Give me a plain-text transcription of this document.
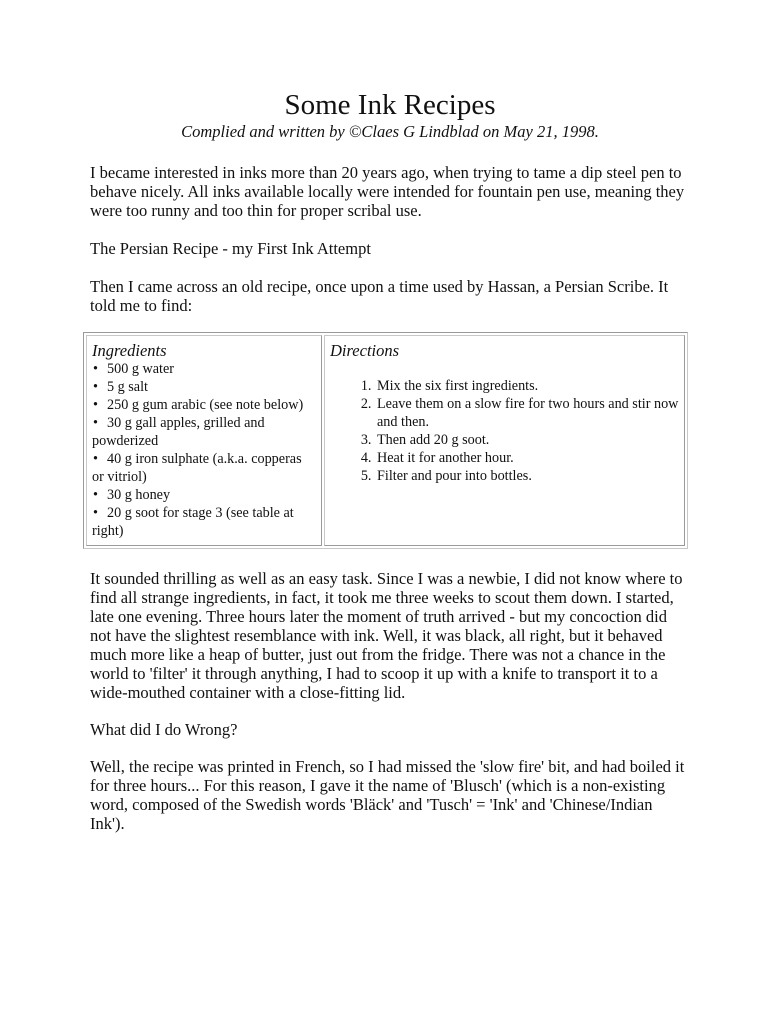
Some Ink Recipes

Complied and written by ©Claes G Lindblad on May 21, 1998.

I became interested in inks more than 20 years ago, when trying to tame a dip steel pen to behave nicely. All inks available locally were intended for fountain pen use, meaning they were too runny and too thin for proper scribal use.

The Persian Recipe - my First Ink Attempt

Then I came across an old recipe, once upon a time used by Hassan, a Persian Scribe. It told me to find:

Ingredients

• 500 g water
• 5 g salt
• 250 g gum arabic (see note below)
• 30 g gall apples, grilled and powderized
• 40 g iron sulphate (a.k.a. copperas or vitriol)
• 30 g honey
• 20 g soot for stage 3 (see table at right)

Directions

1. Mix the six first ingredients.
2. Leave them on a slow fire for two hours and stir now and then.
3. Then add 20 g soot.
4. Heat it for another hour.
5. Filter and pour into bottles.

It sounded thrilling as well as an easy task. Since I was a newbie, I did not know where to find all strange ingredients, in fact, it took me three weeks to scout them down. I started, late one evening. Three hours later the moment of truth arrived - but my concoction did not have the slightest resemblance with ink. Well, it was black, all right, but it behaved much more like a heap of butter, just out from the fridge. There was not a chance in the world to 'filter' it through anything, I had to scoop it up with a knife to transport it to a wide-mouthed container with a close-fitting lid.

What did I do Wrong?

Well, the recipe was printed in French, so I had missed the 'slow fire' bit, and had boiled it for three hours... For this reason, I gave it the name of 'Blusch' (which is a non-existing word, composed of the Swedish words 'Bläck' and 'Tusch' = 'Ink' and 'Chinese/Indian Ink').
